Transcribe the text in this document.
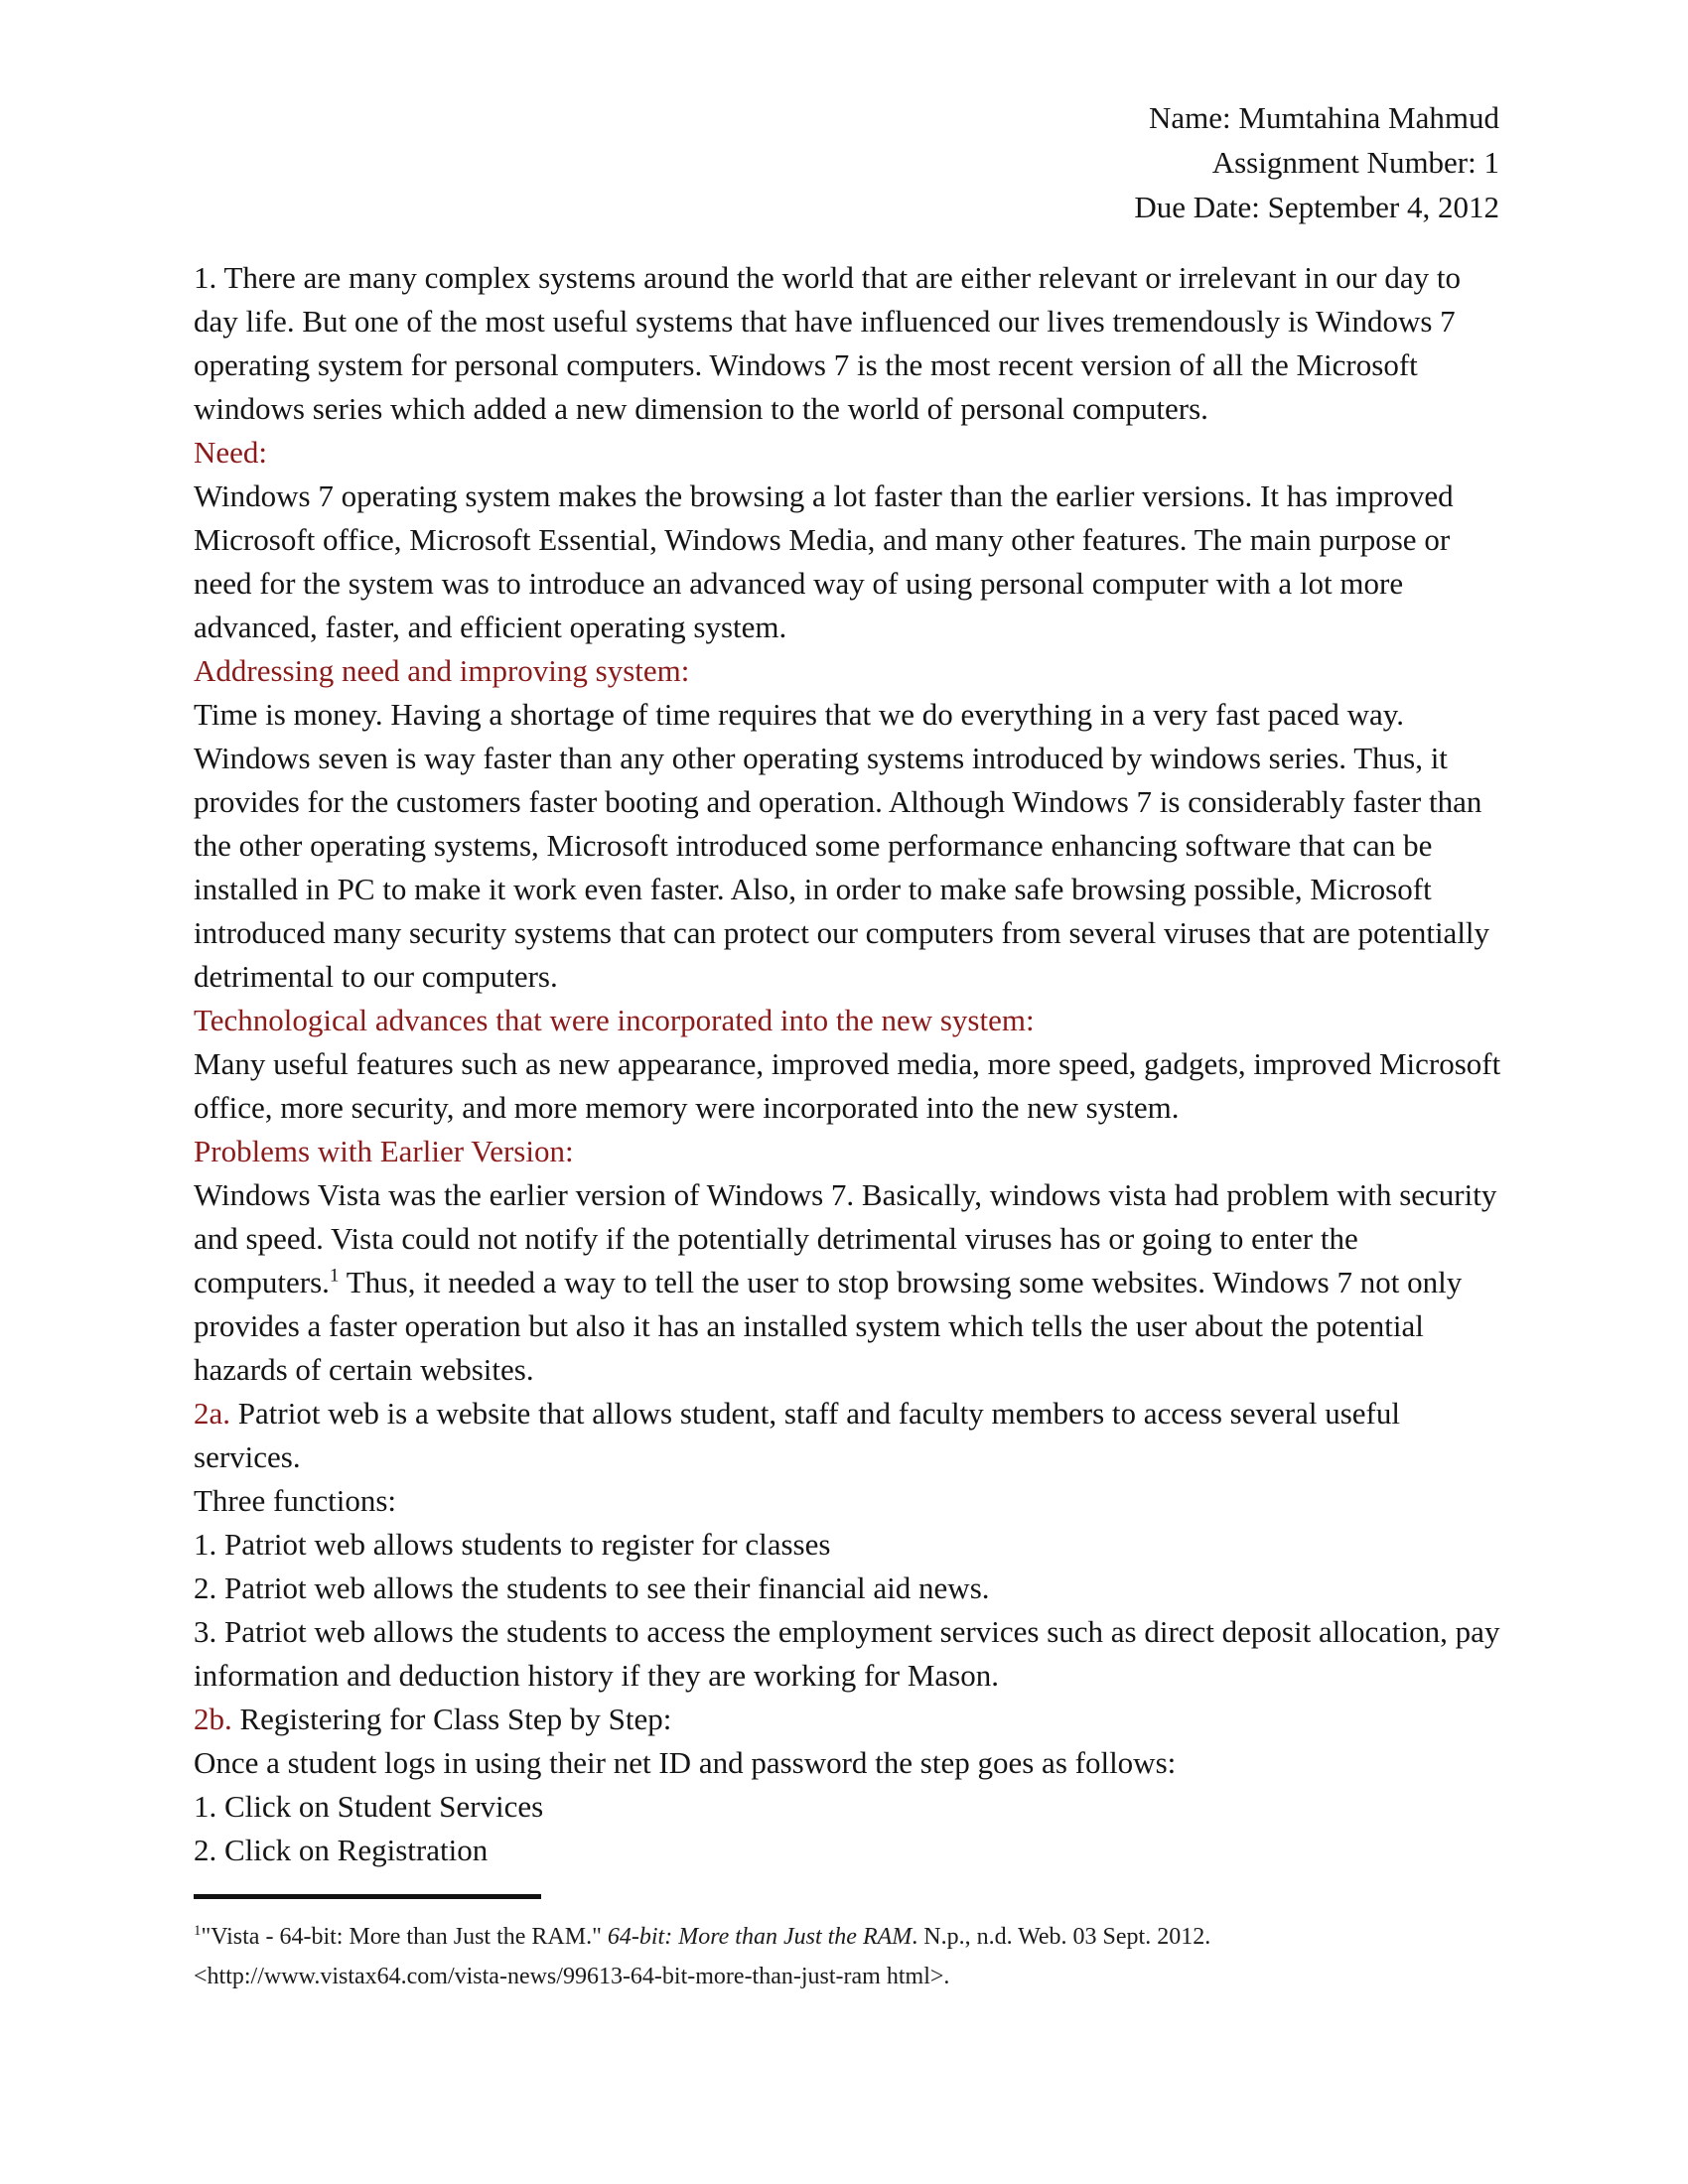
Name: Mumtahina Mahmud
Assignment Number: 1
Due Date: September 4, 2012

1. There are many complex systems around the world that are either relevant or irrelevant in our day to day life. But one of the most useful systems that have influenced our lives tremendously is Windows 7 operating system for personal computers. Windows 7 is the most recent version of all the Microsoft windows series which added a new dimension to the world of personal computers.

Need:

Windows 7 operating system makes the browsing a lot faster than the earlier versions. It has improved Microsoft office, Microsoft Essential, Windows Media, and many other features. The main purpose or need for the system was to introduce an advanced way of using personal computer with a lot more advanced, faster, and efficient operating system.

Addressing need and improving system:

Time is money. Having a shortage of time requires that we do everything in a very fast paced way. Windows seven is way faster than any other operating systems introduced by windows series. Thus, it provides for the customers faster booting and operation. Although Windows 7 is considerably faster than the other operating systems, Microsoft introduced some performance enhancing software that can be installed in PC to make it work even faster. Also, in order to make safe browsing possible, Microsoft introduced many security systems that can protect our computers from several viruses that are potentially detrimental to our computers.

Technological advances that were incorporated into the new system:

Many useful features such as new appearance, improved media, more speed, gadgets, improved Microsoft office, more security, and more memory were incorporated into the new system.

Problems with Earlier Version:

Windows Vista was the earlier version of Windows 7. Basically, windows vista had problem with security and speed. Vista could not notify if the potentially detrimental viruses has or going to enter the computers.$^1$ Thus, it needed a way to tell the user to stop browsing some websites. Windows 7 not only provides a faster operation but also it has an installed system which tells the user about the potential hazards of certain websites.

2a. Patriot web is a website that allows student, staff and faculty members to access several useful services.

Three functions:

1. Patriot web allows students to register for classes

2. Patriot web allows the students to see their financial aid news.

3. Patriot web allows the students to access the employment services such as direct deposit allocation, pay information and deduction history if they are working for Mason.

2b. Registering for Class Step by Step:

Once a student logs in using their net ID and password the step goes as follows:

1. Click on Student Services

2. Click on Registration

$^1$"Vista - 64-bit: More than Just the RAM." 64-bit: More than Just the RAM. N.p., n.d. Web. 03 Sept. 2012. <http://www.vistax64.com/vista-news/99613-64-bit-more-than-just-ram html>.
